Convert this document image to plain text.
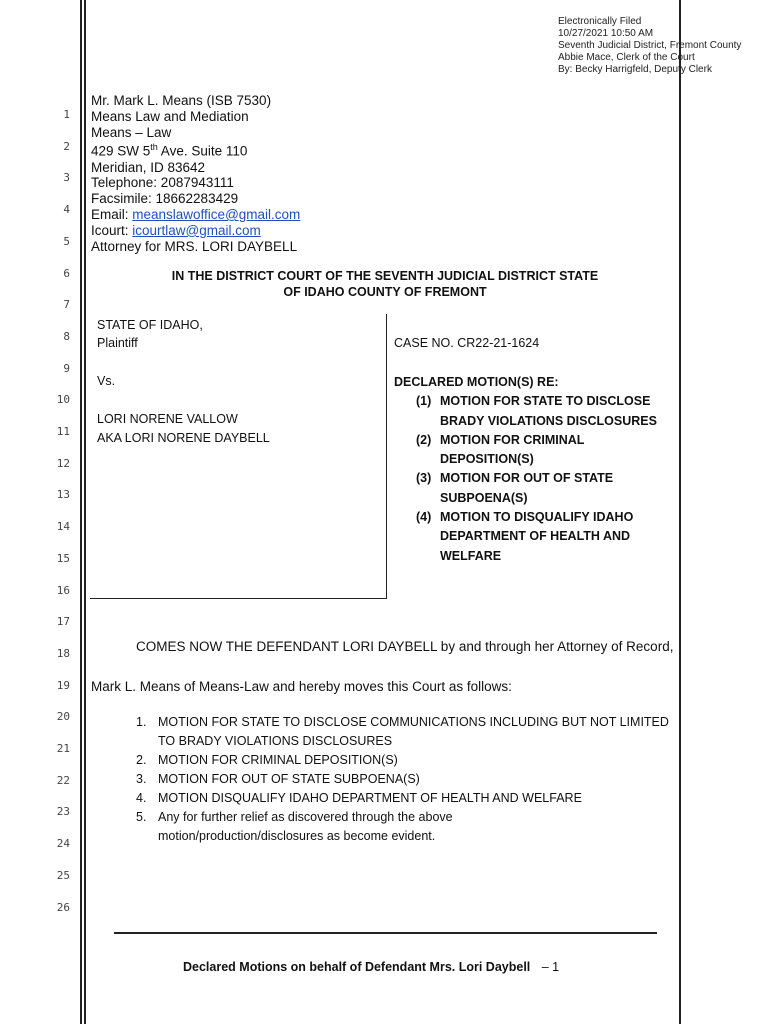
1
2
3
4
5
6
7
8
9
10
11
12
13
14
15
16
17
18
19
20
21
22
23
24
25
26
Electronically Filed
10/27/2021 10:50 AM
Seventh Judicial District, Fremont County
Abbie Mace, Clerk of the Court
By: Becky Harrigfeld, Deputy Clerk
Mr. Mark L. Means (ISB 7530)
Means Law and Mediation
Means – Law
429 SW 5th Ave. Suite 110
Meridian, ID 83642
Telephone: 2087943111
Facsimile: 18662283429
Email: meanslawoffice@gmail.com
Icourt: icourtlaw@gmail.com
Attorney for MRS. LORI DAYBELL
IN THE DISTRICT COURT OF THE SEVENTH JUDICIAL DISTRICT STATE
OF IDAHO COUNTY OF FREMONT
STATE OF IDAHO,
Plaintiff
Vs.
LORI NORENE VALLOW
AKA LORI NORENE DAYBELL
CASE NO. CR22-21-1624
DECLARED MOTION(S) RE:
(1) MOTION FOR STATE TO DISCLOSE BRADY VIOLATIONS DISCLOSURES
(2) MOTION FOR CRIMINAL DEPOSITION(S)
(3) MOTION FOR OUT OF STATE SUBPOENA(S)
(4) MOTION TO DISQUALIFY IDAHO DEPARTMENT OF HEALTH AND WELFARE
COMES NOW THE DEFENDANT LORI DAYBELL by and through her Attorney of Record,
Mark L. Means of Means-Law and hereby moves this Court as follows:
1. MOTION FOR STATE TO DISCLOSE COMMUNICATIONS INCLUDING BUT NOT LIMITED TO BRADY VIOLATIONS DISCLOSURES
2. MOTION FOR CRIMINAL DEPOSITION(S)
3. MOTION FOR OUT OF STATE SUBPOENA(S)
4. MOTION DISQUALIFY IDAHO DEPARTMENT OF HEALTH AND WELFARE
5. Any for further relief as discovered through the above motion/production/disclosures as become evident.
Declared Motions on behalf of Defendant Mrs. Lori Daybell – 1
